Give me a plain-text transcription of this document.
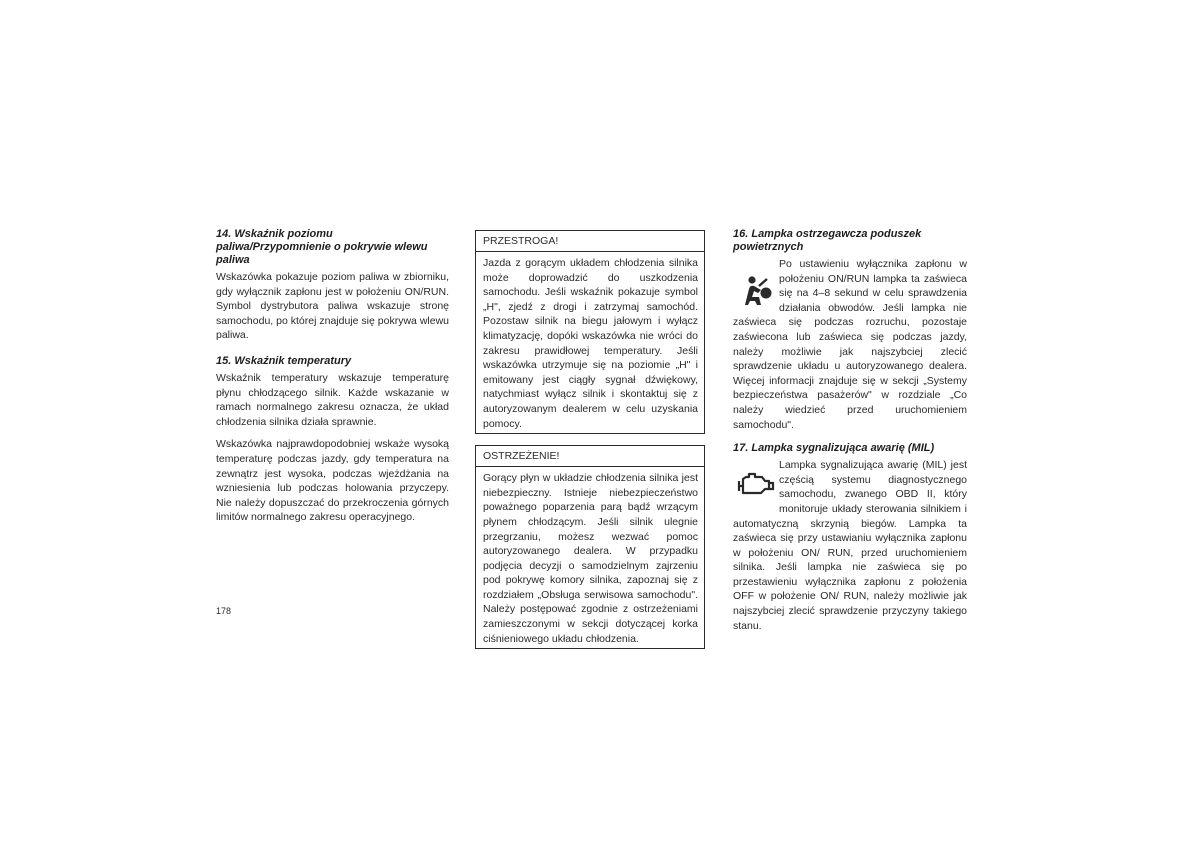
14. Wskaźnik poziomu paliwa/Przypomnienie o pokrywie wlewu paliwa

Wskazówka pokazuje poziom paliwa w zbiorniku, gdy wyłącznik zapłonu jest w położeniu ON/RUN. Symbol dystrybutora paliwa wskazuje stronę samochodu, po której znajduje się pokrywa wlewu paliwa.

15. Wskaźnik temperatury

Wskaźnik temperatury wskazuje temperaturę płynu chłodzącego silnik. Każde wskazanie w ramach normalnego zakresu oznacza, że układ chłodzenia silnika działa sprawnie.

Wskazówka najprawdopodobniej wskaże wysoką temperaturę podczas jazdy, gdy temperatura na zewnątrz jest wysoka, podczas wjeżdżania na wzniesienia lub podczas holowania przyczepy. Nie należy dopuszczać do przekroczenia górnych limitów normalnego zakresu operacyjnego.

PRZESTROGA!

Jazda z gorącym układem chłodzenia silnika może doprowadzić do uszkodzenia samochodu. Jeśli wskaźnik pokazuje symbol „H", zjedź z drogi i zatrzymaj samochód. Pozostaw silnik na biegu jałowym i wyłącz klimatyzację, dopóki wskazówka nie wróci do zakresu prawidłowej temperatury. Jeśli wskazówka utrzymuje się na poziomie „H" i emitowany jest ciągły sygnał dźwiękowy, natychmiast wyłącz silnik i skontaktuj się z autoryzowanym dealerem w celu uzyskania pomocy.

OSTRZEŻENIE!

Gorący płyn w układzie chłodzenia silnika jest niebezpieczny. Istnieje niebezpieczeństwo poważnego poparzenia parą bądź wrzącym płynem chłodzącym. Jeśli silnik ulegnie przegrzaniu, możesz wezwać pomoc autoryzowanego dealera. W przypadku podjęcia decyzji o samodzielnym zajrzeniu pod pokrywę komory silnika, zapoznaj się z rozdziałem „Obsługa serwisowa samochodu". Należy postępować zgodnie z ostrzeżeniami zamieszczonymi w sekcji dotyczącej korka ciśnieniowego układu chłodzenia.

16. Lampka ostrzegawcza poduszek powietrznych

Po ustawieniu wyłącznika zapłonu w położeniu ON/RUN lampka ta zaświeca się na 4–8 sekund w celu sprawdzenia działania obwodów. Jeśli lampka nie zaświeca się podczas rozruchu, pozostaje zaświecona lub zaświeca się podczas jazdy, należy możliwie jak najszybciej zlecić sprawdzenie układu u autoryzowanego dealera. Więcej informacji znajduje się w sekcji „Systemy bezpieczeństwa pasażerów" w rozdziale „Co należy wiedzieć przed uruchomieniem samochodu".

17. Lampka sygnalizująca awarię (MIL)

Lampka sygnalizująca awarię (MIL) jest częścią systemu diagnostycznego samochodu, zwanego OBD II, który monitoruje układy sterowania silnikiem i automatyczną skrzynią biegów. Lampka ta zaświeca się przy ustawianiu wyłącznika zapłonu w położeniu ON/ RUN, przed uruchomieniem silnika. Jeśli lampka nie zaświeca się po przestawieniu wyłącznika zapłonu z położenia OFF w położenie ON/ RUN, należy możliwie jak najszybciej zlecić sprawdzenie przyczyny takiego stanu.

178
